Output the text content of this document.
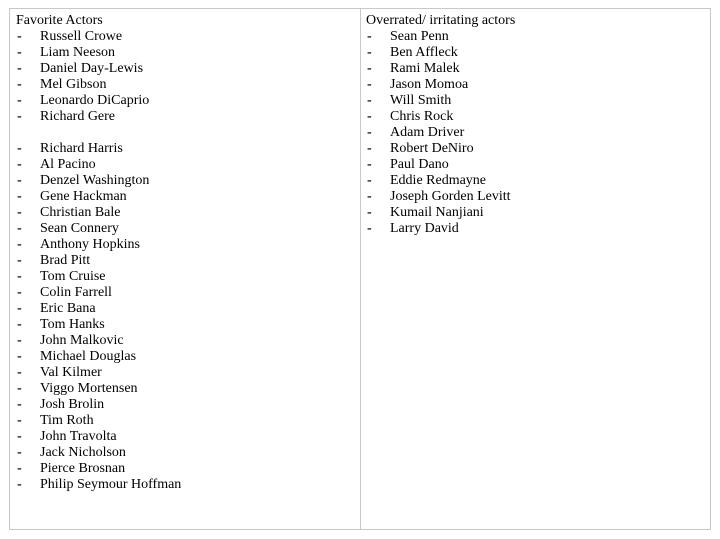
Favorite Actors
- Russell Crowe
- Liam Neeson
- Daniel Day-Lewis
- Mel Gibson
- Leonardo DiCaprio
- Richard Gere
- Richard Harris
- Al Pacino
- Denzel Washington
- Gene Hackman
- Christian Bale
- Sean Connery
- Anthony Hopkins
- Brad Pitt
- Tom Cruise
- Colin Farrell
- Eric Bana
- Tom Hanks
- John Malkovic
- Michael Douglas
- Val Kilmer
- Viggo Mortensen
- Josh Brolin
- Tim Roth
- John Travolta
- Jack Nicholson
- Pierce Brosnan
- Philip Seymour Hoffman
Overrated/ irritating actors
- Sean Penn
- Ben Affleck
- Rami Malek
- Jason Momoa
- Will Smith
- Chris Rock
- Adam Driver
- Robert DeNiro
- Paul Dano
- Eddie Redmayne
- Joseph Gorden Levitt
- Kumail Nanjiani
- Larry David
